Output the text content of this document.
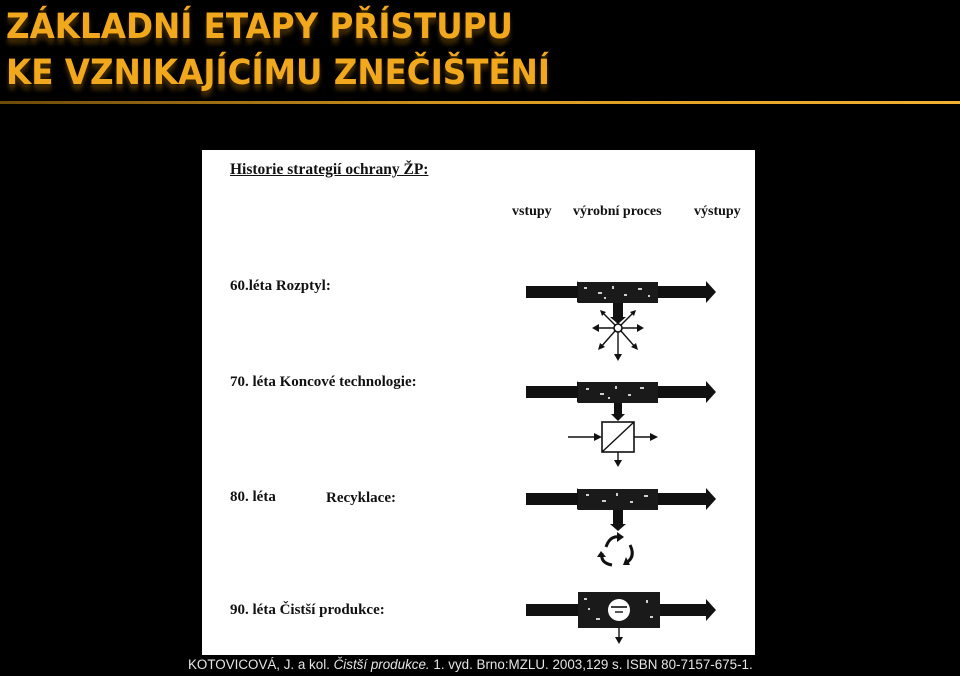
ZÁKLADNÍ ETAPY PŘÍSTUPU
KE VZNIKAJÍCÍMU ZNEČIŠTĚNÍ
Historie strategií ochrany ŽP:
vstupy výrobní proces výstupy
60.léta Rozptyl:
70. léta Koncové technologie:
80. léta	Recyklace:
90. léta Čistší produkce:
KOTOVICOVÁ, J. a kol. Čistší produkce. 1. vyd. Brno:MZLU. 2003,129 s. ISBN 80-7157-675-1.
